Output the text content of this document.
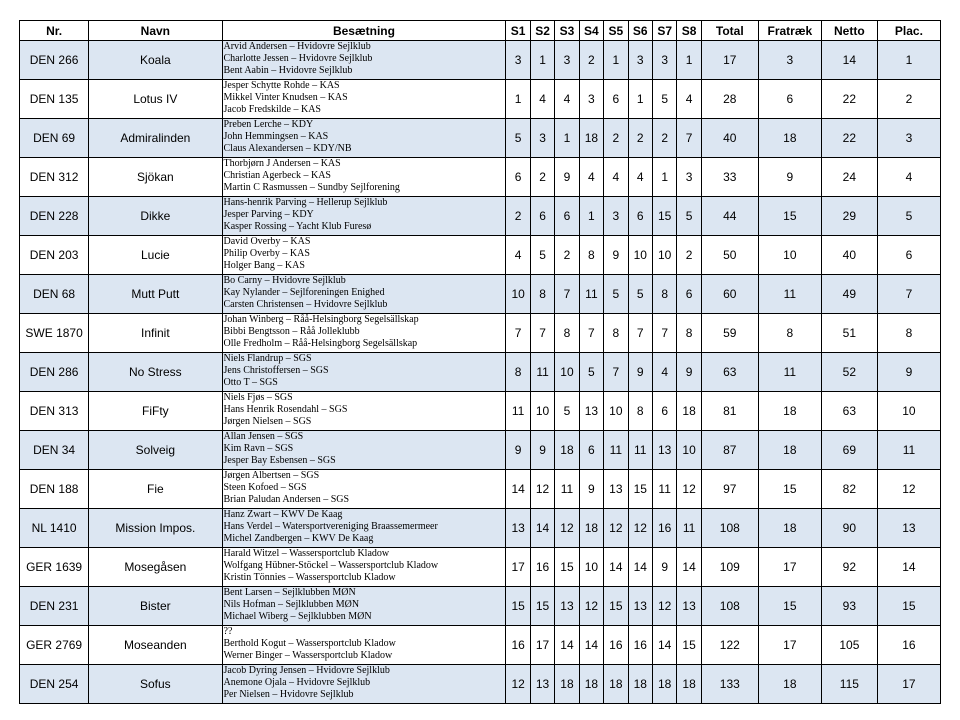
Nr.	Navn	Besætning	S1	S2	S3	S4	S5	S6	S7	S8	Total	Fratræk	Netto	Plac.
DEN 266	Koala	Arvid Andersen – Hvidovre Sejlklub
Charlotte Jessen – Hvidovre Sejlklub
Bent Aabin – Hvidovre Sejlklub	3	1	3	2	1	3	3	1	17	3	14	1
DEN 135	Lotus IV	Jesper Schytte Rohde – KAS
Mikkel Vinter Knudsen – KAS
Jacob Fredskilde – KAS	1	4	4	3	6	1	5	4	28	6	22	2
DEN 69	Admiralinden	Preben Lerche – KDY
John Hemmingsen – KAS
Claus Alexandersen – KDY/NB	5	3	1	18	2	2	2	7	40	18	22	3
DEN 312	Sjökan	Thorbjørn J Andersen – KAS
Christian Agerbeck – KAS
Martin C Rasmussen – Sundby Sejlforening	6	2	9	4	4	4	1	3	33	9	24	4
DEN 228	Dikke	Hans-henrik Parving – Hellerup Sejlklub
Jesper Parving – KDY
Kasper Rossing – Yacht Klub Furesø	2	6	6	1	3	6	15	5	44	15	29	5
DEN 203	Lucie	David Overby – KAS
Philip Overby – KAS
Holger Bang – KAS	4	5	2	8	9	10	10	2	50	10	40	6
DEN 68	Mutt Putt	Bo Carny – Hvidovre Sejlklub
Kay Nylander – Sejlforeningen Enighed
Carsten Christensen – Hvidovre Sejlklub	10	8	7	11	5	5	8	6	60	11	49	7
SWE 1870	Infinit	Johan Winberg – Råå-Helsingborg Segelsällskap
Bibbi Bengtsson – Råå Jolleklubb
Olle Fredholm – Råå-Helsingborg Segelsällskap	7	7	8	7	8	7	7	8	59	8	51	8
DEN 286	No Stress	Niels Flandrup – SGS
Jens Christoffersen – SGS
Otto T – SGS	8	11	10	5	7	9	4	9	63	11	52	9
DEN 313	FiFty	Niels Fjøs – SGS
Hans Henrik Rosendahl – SGS
Jørgen Nielsen – SGS	11	10	5	13	10	8	6	18	81	18	63	10
DEN 34	Solveig	Allan Jensen – SGS
Kim Ravn – SGS
Jesper Bay Esbensen – SGS	9	9	18	6	11	11	13	10	87	18	69	11
DEN 188	Fie	Jørgen Albertsen – SGS
Steen Kofoed – SGS
Brian Paludan Andersen – SGS	14	12	11	9	13	15	11	12	97	15	82	12
NL 1410	Mission Impos.	Hanz Zwart – KWV De Kaag
Hans Verdel – Watersportvereniging Braassemermeer
Michel Zandbergen – KWV De Kaag	13	14	12	18	12	12	16	11	108	18	90	13
GER 1639	Mosegåsen	Harald Witzel – Wassersportclub Kladow
Wolfgang Hübner-Stöckel – Wassersportclub Kladow
Kristin Tönnies – Wassersportclub Kladow	17	16	15	10	14	14	9	14	109	17	92	14
DEN 231	Bister	Bent Larsen – Sejlklubben MØN
Nils Hofman – Sejlklubben MØN
Michael Wiberg – Sejlklubben MØN	15	15	13	12	15	13	12	13	108	15	93	15
GER 2769	Moseanden	??
Berthold Kogut – Wassersportclub Kladow
Werner Binger – Wassersportclub Kladow	16	17	14	14	16	16	14	15	122	17	105	16
DEN 254	Sofus	Jacob Dyring Jensen – Hvidovre Sejlklub
Anemone Ojala – Hvidovre Sejlklub
Per Nielsen – Hvidovre Sejlklub	12	13	18	18	18	18	18	18	133	18	115	17
